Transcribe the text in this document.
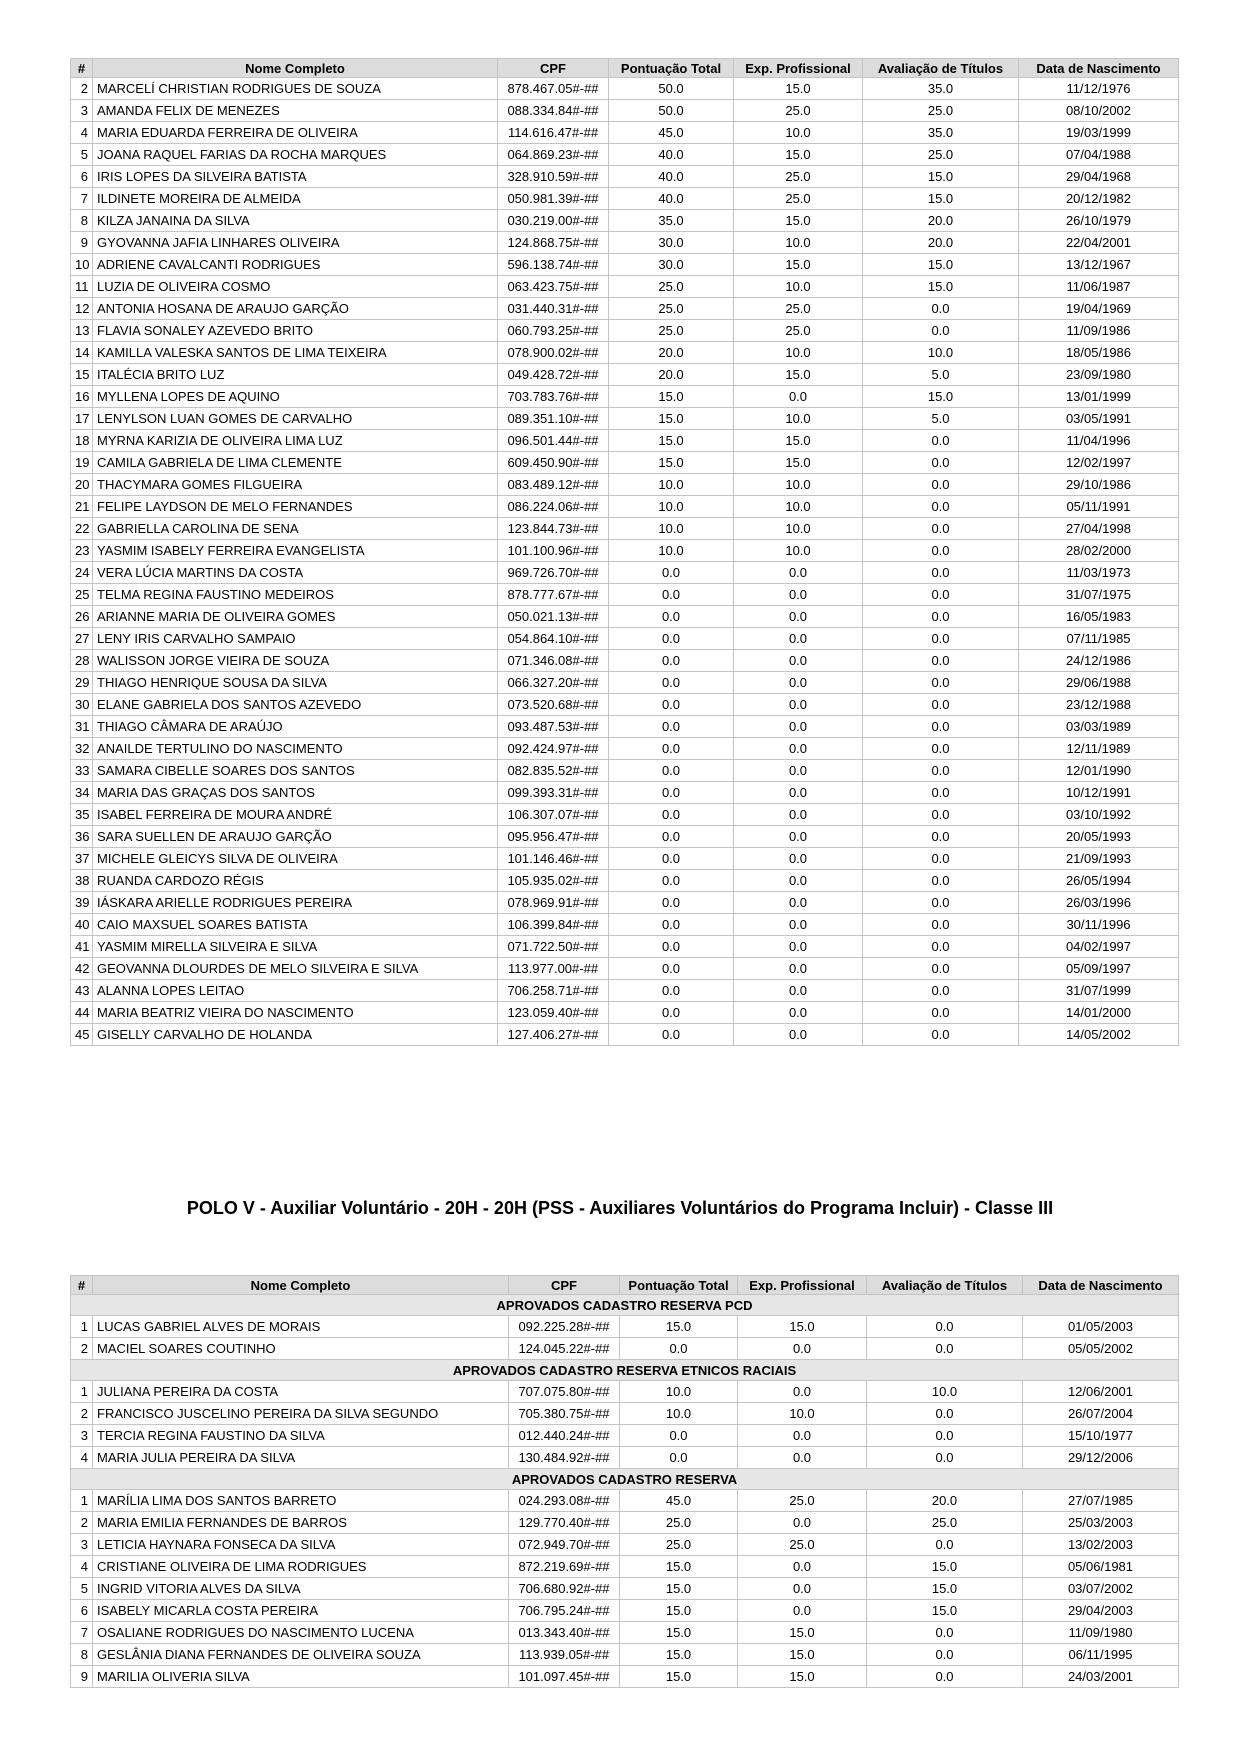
#	Nome Completo	CPF	Pontuação Total	Exp. Profissional	Avaliação de Títulos	Data de Nascimento
2	MARCELÍ CHRISTIAN RODRIGUES DE SOUZA	878.467.05#-##	50.0	15.0	35.0	11/12/1976
3	AMANDA FELIX DE MENEZES	088.334.84#-##	50.0	25.0	25.0	08/10/2002
4	MARIA EDUARDA FERREIRA DE OLIVEIRA	114.616.47#-##	45.0	10.0	35.0	19/03/1999
5	JOANA RAQUEL FARIAS DA ROCHA MARQUES	064.869.23#-##	40.0	15.0	25.0	07/04/1988
6	IRIS LOPES DA SILVEIRA BATISTA	328.910.59#-##	40.0	25.0	15.0	29/04/1968
7	ILDINETE MOREIRA DE ALMEIDA	050.981.39#-##	40.0	25.0	15.0	20/12/1982
8	KILZA JANAINA DA SILVA	030.219.00#-##	35.0	15.0	20.0	26/10/1979
9	GYOVANNA JAFIA LINHARES OLIVEIRA	124.868.75#-##	30.0	10.0	20.0	22/04/2001
10	ADRIENE CAVALCANTI RODRIGUES	596.138.74#-##	30.0	15.0	15.0	13/12/1967
11	LUZIA DE OLIVEIRA COSMO	063.423.75#-##	25.0	10.0	15.0	11/06/1987
12	ANTONIA HOSANA DE ARAUJO GARÇÃO	031.440.31#-##	25.0	25.0	0.0	19/04/1969
13	FLAVIA SONALEY AZEVEDO BRITO	060.793.25#-##	25.0	25.0	0.0	11/09/1986
14	KAMILLA VALESKA SANTOS DE LIMA TEIXEIRA	078.900.02#-##	20.0	10.0	10.0	18/05/1986
15	ITALÉCIA BRITO LUZ	049.428.72#-##	20.0	15.0	5.0	23/09/1980
16	MYLLENA LOPES DE AQUINO	703.783.76#-##	15.0	0.0	15.0	13/01/1999
17	LENYLSON LUAN GOMES DE CARVALHO	089.351.10#-##	15.0	10.0	5.0	03/05/1991
18	MYRNA KARIZIA DE OLIVEIRA LIMA LUZ	096.501.44#-##	15.0	15.0	0.0	11/04/1996
19	CAMILA GABRIELA DE LIMA CLEMENTE	609.450.90#-##	15.0	15.0	0.0	12/02/1997
20	THACYMARA GOMES FILGUEIRA	083.489.12#-##	10.0	10.0	0.0	29/10/1986
21	FELIPE LAYDSON DE MELO FERNANDES	086.224.06#-##	10.0	10.0	0.0	05/11/1991
22	GABRIELLA CAROLINA DE SENA	123.844.73#-##	10.0	10.0	0.0	27/04/1998
23	YASMIM ISABELY FERREIRA EVANGELISTA	101.100.96#-##	10.0	10.0	0.0	28/02/2000
24	VERA LÚCIA MARTINS DA COSTA	969.726.70#-##	0.0	0.0	0.0	11/03/1973
25	TELMA REGINA FAUSTINO MEDEIROS	878.777.67#-##	0.0	0.0	0.0	31/07/1975
26	ARIANNE MARIA DE OLIVEIRA GOMES	050.021.13#-##	0.0	0.0	0.0	16/05/1983
27	LENY IRIS CARVALHO SAMPAIO	054.864.10#-##	0.0	0.0	0.0	07/11/1985
28	WALISSON JORGE VIEIRA DE SOUZA	071.346.08#-##	0.0	0.0	0.0	24/12/1986
29	THIAGO HENRIQUE SOUSA DA SILVA	066.327.20#-##	0.0	0.0	0.0	29/06/1988
30	ELANE GABRIELA DOS SANTOS AZEVEDO	073.520.68#-##	0.0	0.0	0.0	23/12/1988
31	THIAGO CÂMARA DE ARAÚJO	093.487.53#-##	0.0	0.0	0.0	03/03/1989
32	ANAILDE TERTULINO DO NASCIMENTO	092.424.97#-##	0.0	0.0	0.0	12/11/1989
33	SAMARA CIBELLE SOARES DOS SANTOS	082.835.52#-##	0.0	0.0	0.0	12/01/1990
34	MARIA DAS GRAÇAS DOS SANTOS	099.393.31#-##	0.0	0.0	0.0	10/12/1991
35	ISABEL FERREIRA DE MOURA ANDRÉ	106.307.07#-##	0.0	0.0	0.0	03/10/1992
36	SARA SUELLEN DE ARAUJO GARÇÃO	095.956.47#-##	0.0	0.0	0.0	20/05/1993
37	MICHELE GLEICYS SILVA DE OLIVEIRA	101.146.46#-##	0.0	0.0	0.0	21/09/1993
38	RUANDA CARDOZO RÉGIS	105.935.02#-##	0.0	0.0	0.0	26/05/1994
39	IÁSKARA ARIELLE RODRIGUES PEREIRA	078.969.91#-##	0.0	0.0	0.0	26/03/1996
40	CAIO MAXSUEL SOARES BATISTA	106.399.84#-##	0.0	0.0	0.0	30/11/1996
41	YASMIM MIRELLA SILVEIRA E SILVA	071.722.50#-##	0.0	0.0	0.0	04/02/1997
42	GEOVANNA DLOURDES DE MELO SILVEIRA E SILVA	113.977.00#-##	0.0	0.0	0.0	05/09/1997
43	ALANNA LOPES LEITAO	706.258.71#-##	0.0	0.0	0.0	31/07/1999
44	MARIA BEATRIZ VIEIRA DO NASCIMENTO	123.059.40#-##	0.0	0.0	0.0	14/01/2000
45	GISELLY CARVALHO DE HOLANDA	127.406.27#-##	0.0	0.0	0.0	14/05/2002
POLO V - Auxiliar Voluntário - 20H - 20H (PSS - Auxiliares Voluntários do Programa Incluir) - Classe III
#	Nome Completo	CPF	Pontuação Total	Exp. Profissional	Avaliação de Títulos	Data de Nascimento
APROVADOS CADASTRO RESERVA PCD						
1	LUCAS GABRIEL ALVES DE MORAIS	092.225.28#-##	15.0	15.0	0.0	01/05/2003
2	MACIEL SOARES COUTINHO	124.045.22#-##	0.0	0.0	0.0	05/05/2002
APROVADOS CADASTRO RESERVA ETNICOS RACIAIS						
1	JULIANA PEREIRA DA COSTA	707.075.80#-##	10.0	0.0	10.0	12/06/2001
2	FRANCISCO JUSCELINO PEREIRA DA SILVA SEGUNDO	705.380.75#-##	10.0	10.0	0.0	26/07/2004
3	TERCIA REGINA FAUSTINO DA SILVA	012.440.24#-##	0.0	0.0	0.0	15/10/1977
4	MARIA JULIA PEREIRA DA SILVA	130.484.92#-##	0.0	0.0	0.0	29/12/2006
APROVADOS CADASTRO RESERVA						
1	MARÍLIA LIMA DOS SANTOS BARRETO	024.293.08#-##	45.0	25.0	20.0	27/07/1985
2	MARIA EMILIA FERNANDES DE BARROS	129.770.40#-##	25.0	0.0	25.0	25/03/2003
3	LETICIA HAYNARA FONSECA DA SILVA	072.949.70#-##	25.0	25.0	0.0	13/02/2003
4	CRISTIANE OLIVEIRA DE LIMA RODRIGUES	872.219.69#-##	15.0	0.0	15.0	05/06/1981
5	INGRID VITORIA ALVES DA SILVA	706.680.92#-##	15.0	0.0	15.0	03/07/2002
6	ISABELY MICARLA COSTA PEREIRA	706.795.24#-##	15.0	0.0	15.0	29/04/2003
7	OSALIANE RODRIGUES DO NASCIMENTO LUCENA	013.343.40#-##	15.0	15.0	0.0	11/09/1980
8	GESLÂNIA DIANA FERNANDES DE OLIVEIRA SOUZA	113.939.05#-##	15.0	15.0	0.0	06/11/1995
9	MARILIA OLIVERIA SILVA	101.097.45#-##	15.0	15.0	0.0	24/03/2001
